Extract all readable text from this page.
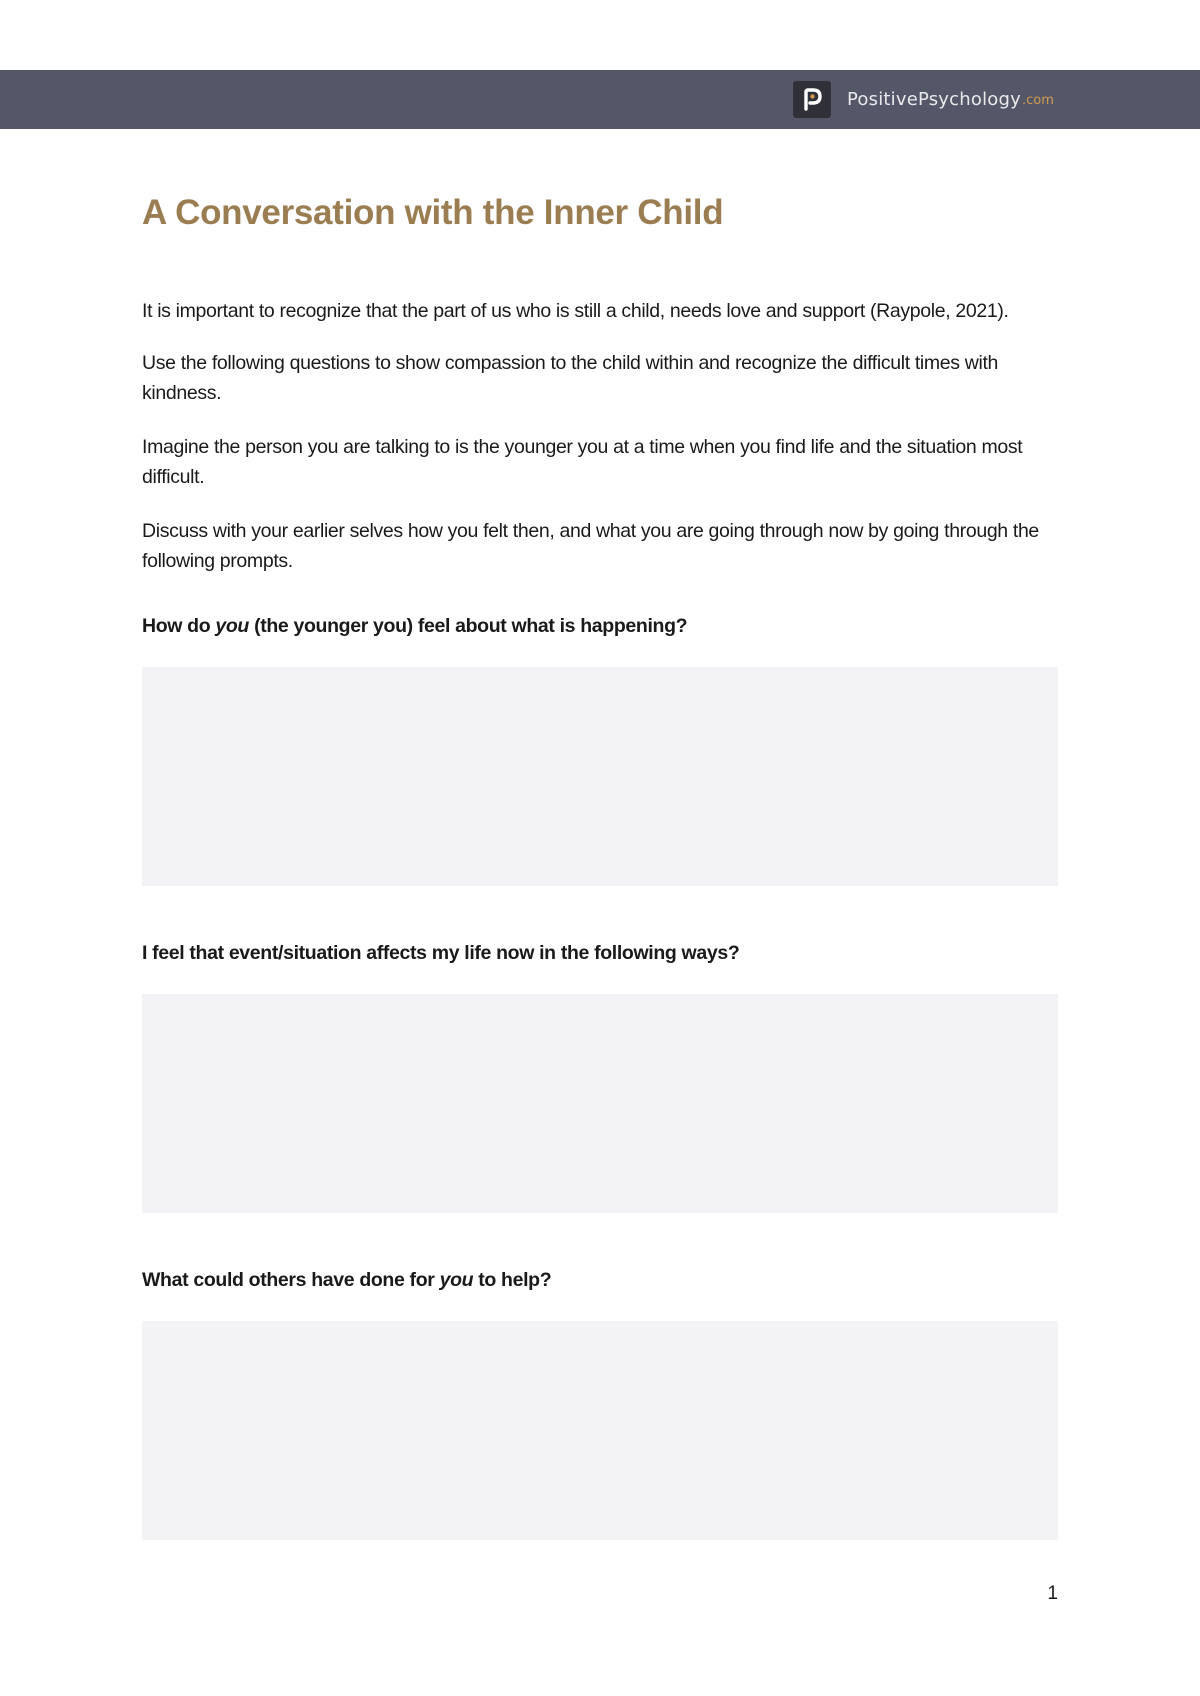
PositivePsychology .com
A Conversation with the Inner Child

It is important to recognize that the part of us who is still a child, needs love and support (Raypole, 2021).

Use the following questions to show compassion to the child within and recognize the difficult times with kindness.

Imagine the person you are talking to is the younger you at a time when you find life and the situation most difficult.

Discuss with your earlier selves how you felt then, and what you are going through now by going through the following prompts.

How do you (the younger you) feel about what is happening?

I feel that event/situation affects my life now in the following ways?

What could others have done for you to help?

1
